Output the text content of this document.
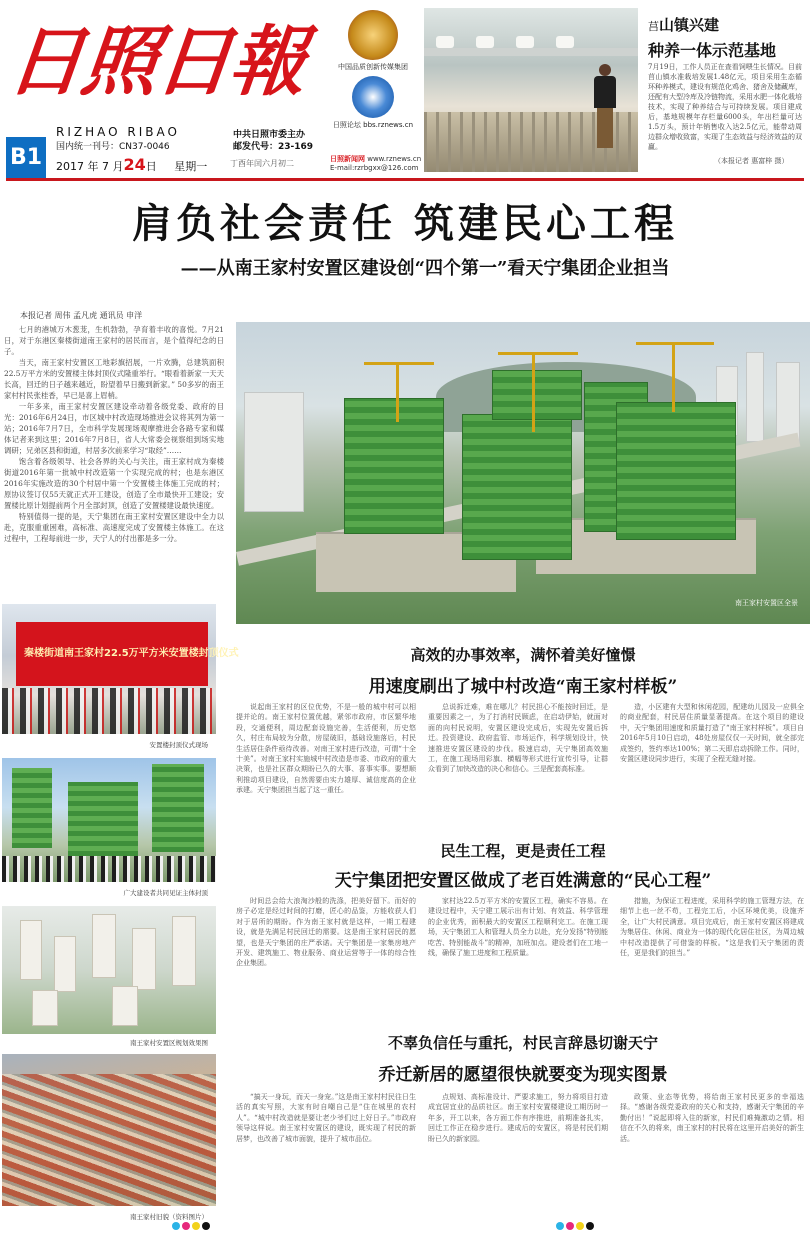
日照日報
RIZHAO RIBAO
B1	国内统一刊号：CN37-0046
2017 年 7 月24日 星期一
中共日照市委主办
邮发代号：23-169
丁酉年闰六月初二
中国品质创新传媒集团
日照论坛 bbs.rznews.cn
日照新闻网 www.rznews.cn
E-mail:rzrbgxx@126.com
莒山镇兴建
种养一体示范基地
7月19日，工作人员正在查看饲喂生长情况。目前莒山镇水准栽培发展1.48亿元，项目采用生态循环种养模式，建设有规范化鸡舍、猪舍及储藏库，还配有大型冷库及冷链物流，采用水肥一体化栽培技术，实现了种养结合与可持续发展。项目建成后，基地规模年存栏量6000头，年出栏量可达1.5万头，预计年销售收入达2.5亿元，能带动周边群众增收致富，实现了生态效益与经济效益的双赢。
（本报记者 惠富梓 摄）
肩负社会责任 筑建民心工程
——从南王家村安置区建设创“四个第一”看天宁集团企业担当
本报记者 周伟 孟凡虎 通讯员 申洋

七月的港城万木葱茏，生机勃勃，孕育着丰收的喜悦。7月21日，对于东港区秦楼街道南王家村的居民而言，是个值得纪念的日子。

当天，南王家村安置区工地彩旗招展，一片欢腾，总建筑面积22.5万平方米的安置楼主体封顶仪式隆重举行。“眼看着新家一天天长高，回迁的日子越来越近，盼望着早日搬到新家。” 50多岁的南王家村村民张桂香，早已是喜上眉梢。

一年多来，南王家村安置区建设牵动着各级党委、政府的目光：2016年6月24日，市区城中村改造现场推进会议将其列为第一站；2016年7月7日，全市科学发展现场观摩推进会各路专家和媒体记者来到这里；2016年7月8日，省人大常委会视察组到场实地调研；兄弟区县和街道，村居多次前来学习“取经”……

饱含着各级领导、社会各界的关心与关注，南王家村成为秦楼街道2016年第一批城中村改造第一个实现完成的村；也是东港区2016年实施改造的30个村居中第一个安置楼主体施工完成的村；原协议签订仅55天就正式开工建设，创造了全市最快开工建设；安置楼比原计划提前两个月全部封顶，创造了安置楼建设最快速度。

特别值得一提的是，天宁集团在南王家村安置区建设中全力以赴，克服重重困难，高标准、高速度完成了安置楼主体施工。在这过程中，工程每前进一步，天宁人的付出都是多一分。

南王家村安置区全景
秦楼街道南王家村22.5万平方米安置楼封顶仪式
安置楼封顶仪式现场
广大建设者共同见证主体封顶
南王家村安置区规划效果图
南王家村旧貌（资料图片）
高效的办事效率，满怀着美好憧憬
用速度刷出了城中村改造“南王家村样板”

说起南王家村的区位优势，不是一般的城中村可以相提并论的。南王家村位置优越，紧邻市政府，市区繁华地段，交通便利，周边配套设施完善，生活便利，历史悠久，村庄布局较为分散，房屋破旧，基础设施落后，村民生活居住条件亟待改善。对南王家村进行改造，可谓“十全十美”。对南王家村实施城中村改造是市委、市政府的重大决策，也是社区群众期盼已久的大事、喜事实事。要想顺利推动项目建设，自然需要由实力雄厚、诚信度高的企业承建。天宁集团担当起了这一重任。

总说拆迁难，难在哪儿？村民担心不能按时回迁，是重要因素之一，为了打消村民顾虑，在启动伊始，就面对面的向村民说明，安置区建设完成后，实现先安置后拆迁。投资建设、政府监管、市场运作，科学规划设计，快速推进安置区建设的步伐。极速启动，天宁集团高效施工，在施工现场用彩旗、横幅等形式进行宣传引导，让群众看到了加快改造的决心和信心。三是配套高标准。

造，小区建有大型和休闲花园，配建幼儿园及一应俱全的商业配套，村民居住质量显著提高。在这个项目的建设中，天宁集团用速度和质量打造了“南王家村样板”。项目自2016年5月10日启动，48处房屋仅仅一天时间，就全部完成签约，签约率达100%；第二天即启动拆除工作。同时，安置区建设同步进行，实现了全程无缝对接。

民生工程，更是责任工程
天宁集团把安置区做成了老百姓满意的“民心工程”

时间总会给大浪淘沙般的洗涤，把美好留下。而好的房子必定是经过时间的打磨，匠心的品鉴，方能收获人们对于居所的期盼。作为南王家村就是这样，一期工程建设，就是先满足村民回迁的需要。这是南王家村居民的愿望，也是天宁集团的庄严承诺。天宁集团是一家集房地产开发、建筑施工、物业服务、商业运营等于一体的综合性企业集团。

家村达22.5万平方米的安置区工程，确实不容易。在建设过程中，天宁建工展示出有计划、有效益、科学管理的企业优秀，面积最大的安置区工程顺利完工。在施工现场，天宁集团工人和管理人员全力以赴，充分发扬“特别能吃苦、特别能战斗”的精神，加班加点。建设者们在工地一线，确保了施工进度和工程质量。

措施，为保证工程进度，采用科学的施工管理方法，在细节上也一丝不苟，工程完工后，小区环境优美，设施齐全，让广大村民满意。项目完成后，南王家村安置区将建成为集居住、休闲、商业为一体的现代化居住社区，为周边城中村改造提供了可借鉴的样板。“这是我们天宁集团的责任，更是我们的担当。”

不辜负信任与重托，村民言辞恳切谢天宁
乔迁新居的愿望很快就要变为现实图景

“搞天一身玩，而天一身宠。”这是南王家村村民往日生活的真实写照，大家有时自嘲自己是“住在城里的农村人”。“城中村改造就是要让老少爷们过上好日子。”市政府领导这样说。南王家村安置区的建设，既实现了村民的新居梦，也改善了城市面貌，提升了城市品位。

点规划、高标准设计、严要求施工，努力将项目打造成宜居宜业的品质社区。南王家村安置楼建设工期历时一年多，开工以来，各方面工作有序推进，前期准备扎实，回迁工作正在稳步进行。建成后的安置区，将是村民们期盼已久的新家园。

政策、业态等优势，将给南王家村民更多的幸福选择。“感谢各级党委政府的关心和支持，感谢天宁集团的辛勤付出！”说起即将入住的新家，村民们难掩激动之情。相信在不久的将来，南王家村的村民将在这里开启美好的新生活。
